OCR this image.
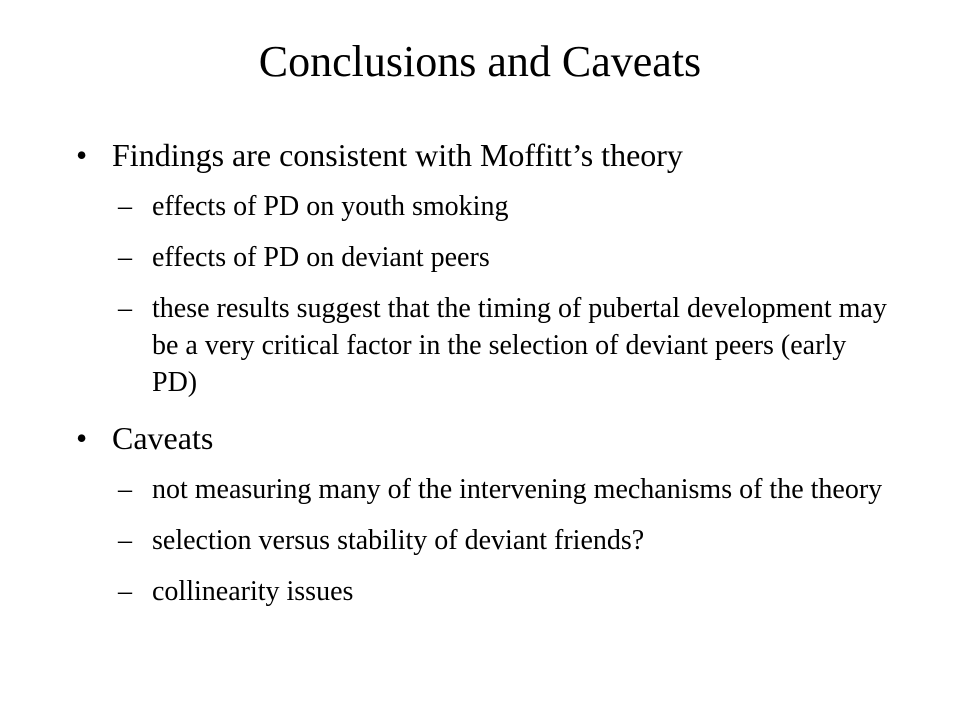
Conclusions and Caveats
• Findings are consistent with Moffitt’s theory
– effects of PD on youth smoking
– effects of PD on deviant peers
– these results suggest that the timing of pubertal development may be a very critical factor in the selection of deviant peers (early PD)
• Caveats
– not measuring many of the intervening mechanisms of the theory
– selection versus stability of deviant friends?
– collinearity issues
